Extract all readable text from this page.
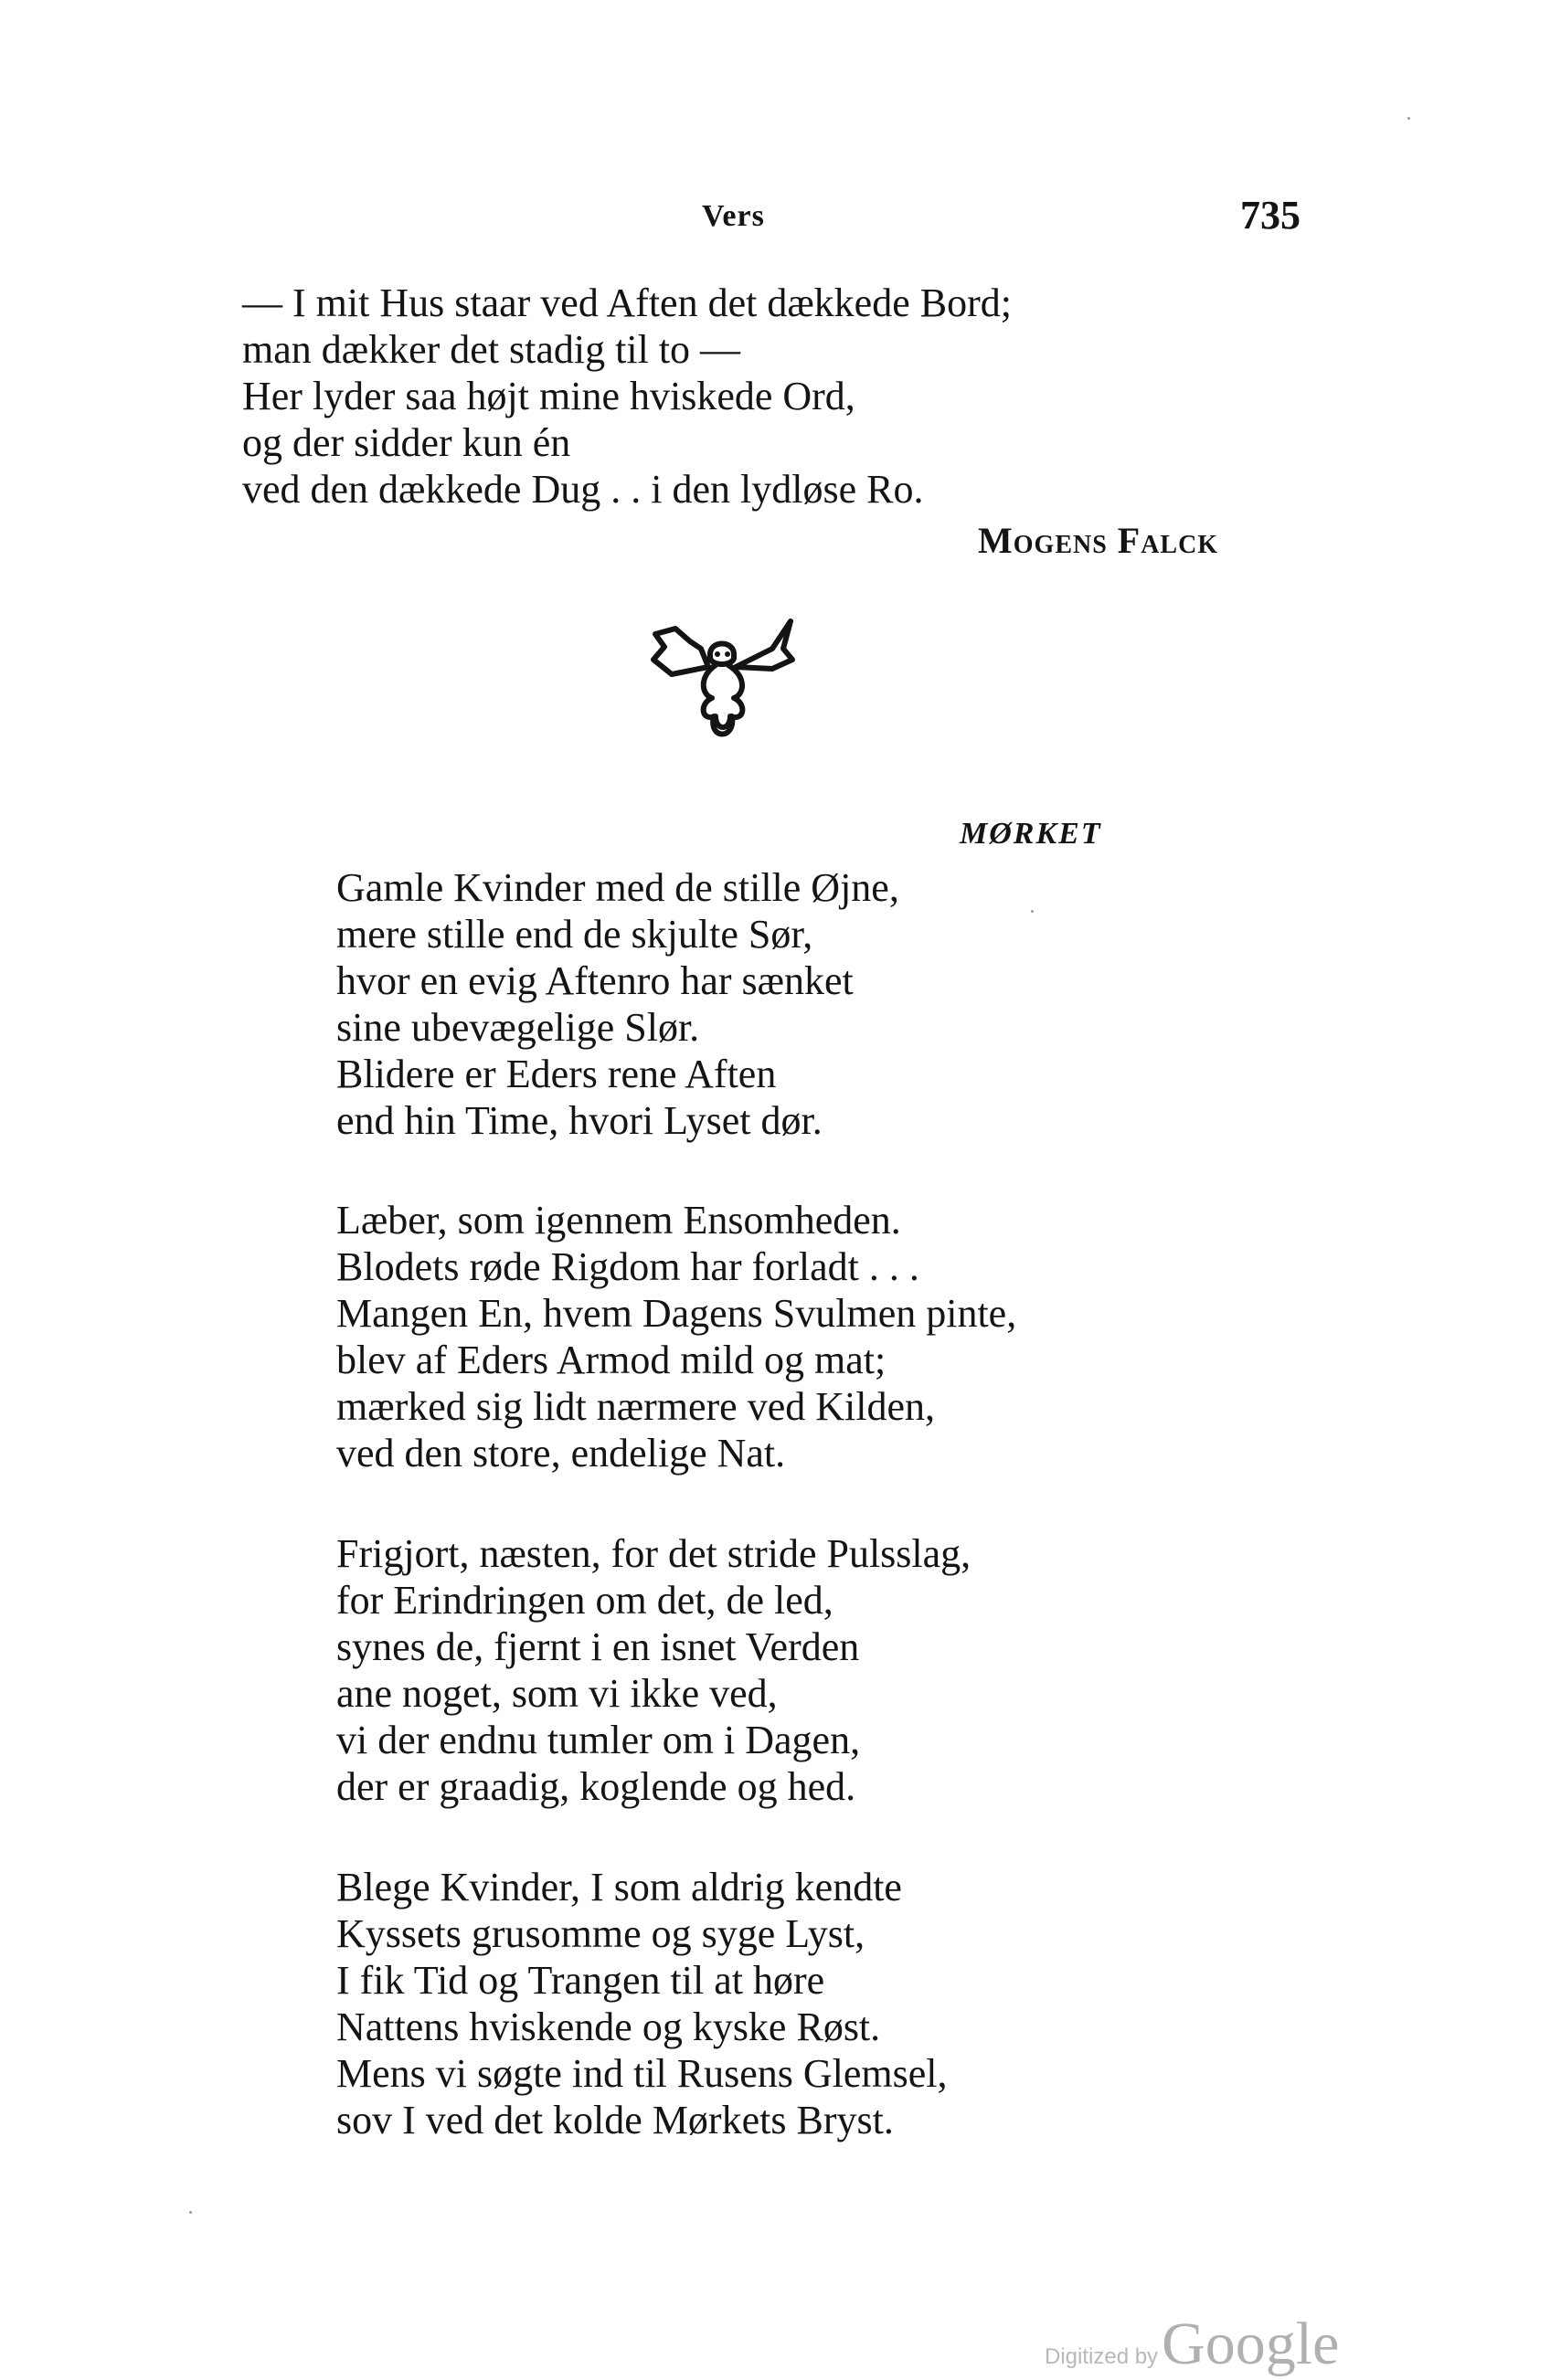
Vers	735
— I mit Hus staar ved Aften det dækkede Bord;
man dækker det stadig til to —
Her lyder saa højt mine hviskede Ord,
og der sidder kun én
ved den dækkede Dug . . i den lydløse Ro.
Mogens Falck
MØRKET
Gamle Kvinder med de stille Øjne,
mere stille end de skjulte Sør,
hvor en evig Aftenro har sænket
sine ubevægelige Slør.
Blidere er Eders rene Aften
end hin Time, hvori Lyset dør.
Læber, som igennem Ensomheden.
Blodets røde Rigdom har forladt . . .
Mangen En, hvem Dagens Svulmen pinte,
blev af Eders Armod mild og mat;
mærked sig lidt nærmere ved Kilden,
ved den store, endelige Nat.
Frigjort, næsten, for det stride Pulsslag,
for Erindringen om det, de led,
synes de, fjernt i en isnet Verden
ane noget, som vi ikke ved,
vi der endnu tumler om i Dagen,
der er graadig, koglende og hed.
Blege Kvinder, I som aldrig kendte
Kyssets grusomme og syge Lyst,
I fik Tid og Trangen til at høre
Nattens hviskende og kyske Røst.
Mens vi søgte ind til Rusens Glemsel,
sov I ved det kolde Mørkets Bryst.
Digitized by Google
